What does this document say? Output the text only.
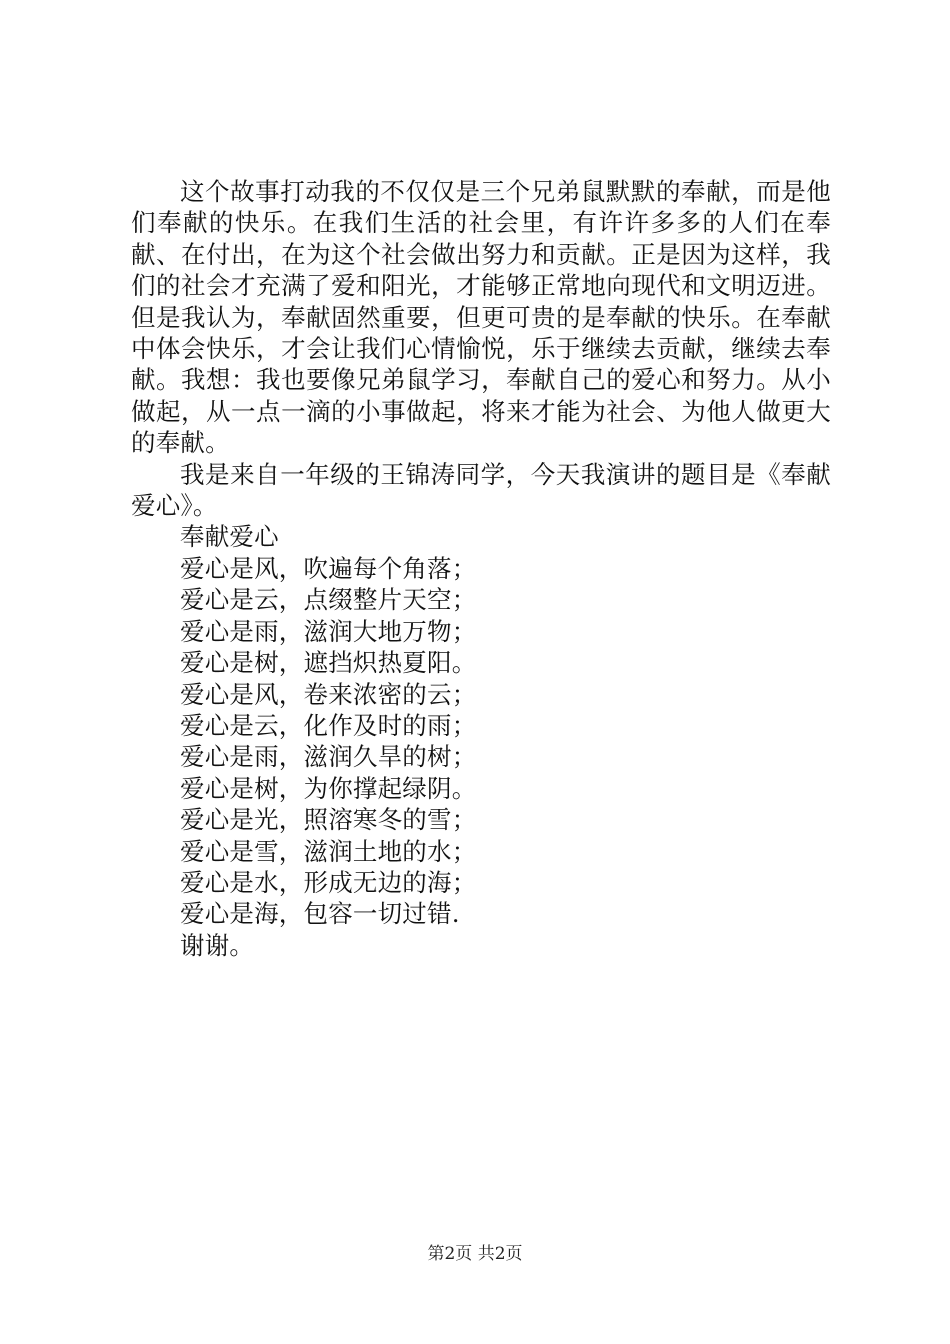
这个故事打动我的不仅仅是三个兄弟鼠默默的奉献，而是他们奉献的快乐。在我们生活的社会里，有许许多多的人们在奉献、在付出，在为这个社会做出努力和贡献。正是因为这样，我们的社会才充满了爱和阳光，才能够正常地向现代和文明迈进。但是我认为，奉献固然重要，但更可贵的是奉献的快乐。在奉献中体会快乐，才会让我们心情愉悦，乐于继续去贡献，继续去奉献。我想：我也要像兄弟鼠学习，奉献自己的爱心和努力。从小做起，从一点一滴的小事做起，将来才能为社会、为他人做更大的奉献。

我是来自一年级的王锦涛同学，今天我演讲的题目是《奉献爱心》。

奉献爱心

爱心是风，吹遍每个角落；

爱心是云，点缀整片天空；

爱心是雨，滋润大地万物；

爱心是树，遮挡炽热夏阳。

爱心是风，卷来浓密的云；

爱心是云，化作及时的雨；

爱心是雨，滋润久旱的树；

爱心是树，为你撑起绿阴。

爱心是光，照溶寒冬的雪；

爱心是雪，滋润土地的水；

爱心是水，形成无边的海；

爱心是海，包容一切过错.

谢谢。

第2页 共2页
